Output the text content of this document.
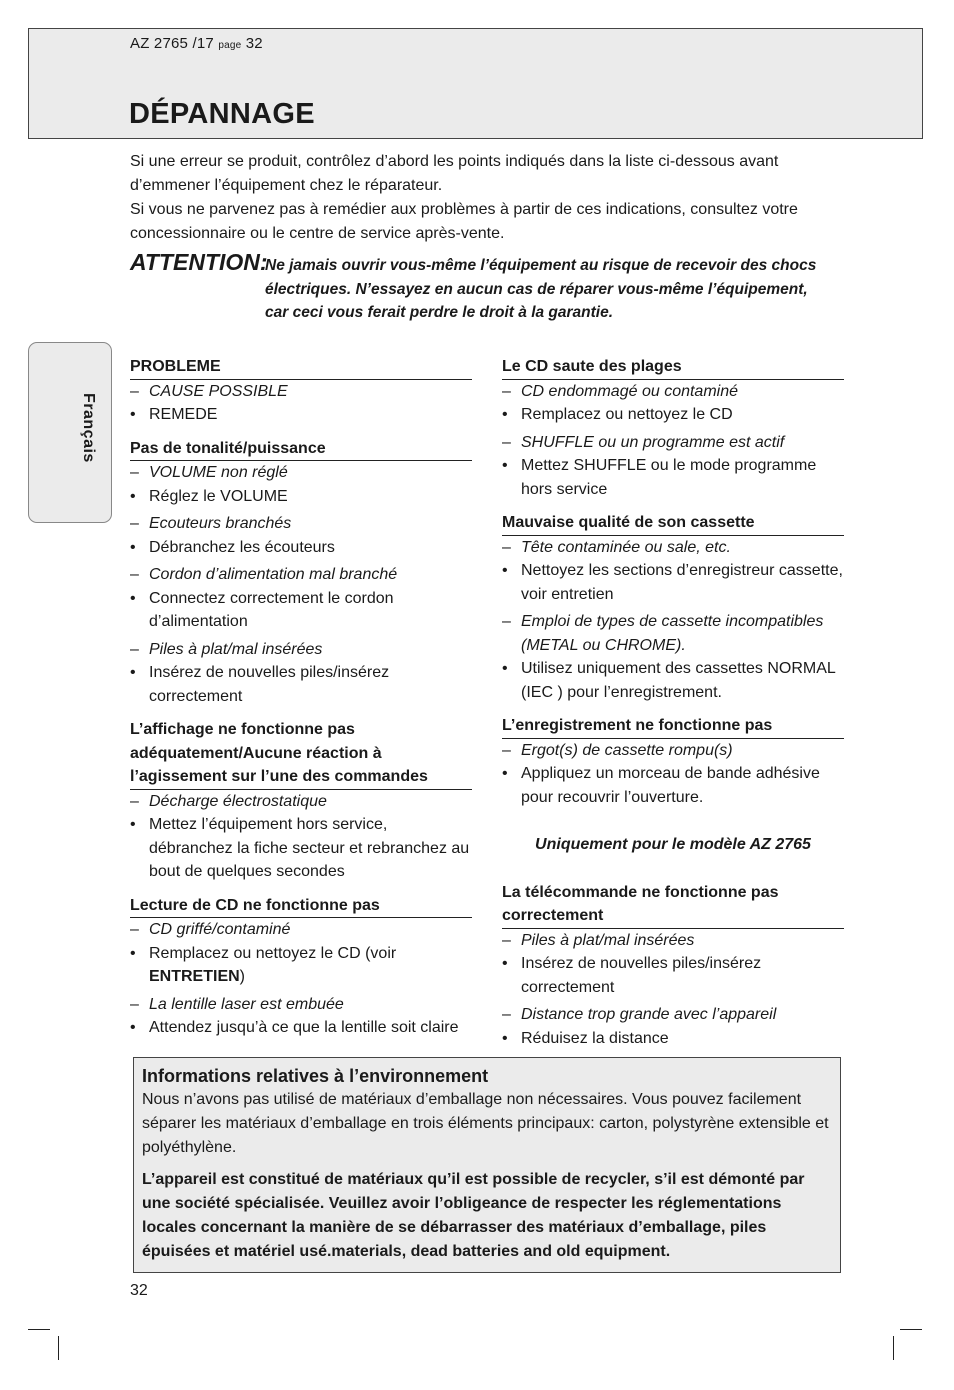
AZ 2765 /17 page 32
DÉPANNAGE

Si une erreur se produit, contrôlez d’abord les points indiqués dans la liste ci-dessous avant d’emmener l’équipement chez le réparateur.

Si vous ne parvenez pas à remédier aux problèmes à partir de ces indications, consultez votre concessionnaire ou le centre de service après-vente.

ATTENTION:
Ne jamais ouvrir vous-même l’équipement au risque de recevoir des chocs électriques. N’essayez en aucun cas de réparer vous-même l’équipement, car ceci vous ferait perdre le droit à la garantie.
Français
PROBLEME
– CAUSE POSSIBLE
• REMEDE
Pas de tonalité/puissance
– VOLUME non réglé
• Réglez le VOLUME
– Ecouteurs branchés
• Débranchez les écouteurs
– Cordon d’alimentation mal branché
• Connectez correctement le cordon d’alimentation
– Piles à plat/mal insérées
• Insérez de nouvelles piles/insérez correctement
L’affichage ne fonctionne pas adéquatement/Aucune réaction à l’agissement sur l’une des commandes
– Décharge électrostatique
• Mettez l’équipement hors service, débranchez la fiche secteur et rebranchez au bout de quelques secondes
Lecture de CD ne fonctionne pas
– CD griffé/contaminé
• Remplacez ou nettoyez le CD (voir ENTRETIEN)
– La lentille laser est embuée
• Attendez jusqu’à ce que la lentille soit claire
Le CD saute des plages
– CD endommagé ou contaminé
• Remplacez ou nettoyez le CD
– SHUFFLE ou un programme est actif
• Mettez SHUFFLE ou le mode programme hors service
Mauvaise qualité de son cassette
– Tête contaminée ou sale, etc.
• Nettoyez les sections d’enregistreur cassette, voir entretien
– Emploi de types de cassette incompatibles (METAL ou CHROME).
• Utilisez uniquement des cassettes NORMAL (IEC ) pour l’enregistrement.
L’enregistrement ne fonctionne pas
– Ergot(s) de cassette rompu(s)
• Appliquez un morceau de bande adhésive pour recouvrir l’ouverture.
Uniquement pour le modèle AZ 2765
La télécommande ne fonctionne pas correctement
– Piles à plat/mal insérées
• Insérez de nouvelles piles/insérez correctement
– Distance trop grande avec l’appareil
• Réduisez la distance

Informations relatives à l’environnement

Nous n’avons pas utilisé de matériaux d’emballage non nécessaires. Vous pouvez facilement séparer les matériaux d’emballage en trois éléments principaux: carton, polystyrène extensible et polyéthylène.

L’appareil est constitué de matériaux qu’il est possible de recycler, s’il est démonté par une société spécialisée. Veuillez avoir l’obligeance de respecter les réglementations locales concernant la manière de se débarrasser des matériaux d’emballage, piles épuisées et matériel usé.materials, dead batteries and old equipment.

32
